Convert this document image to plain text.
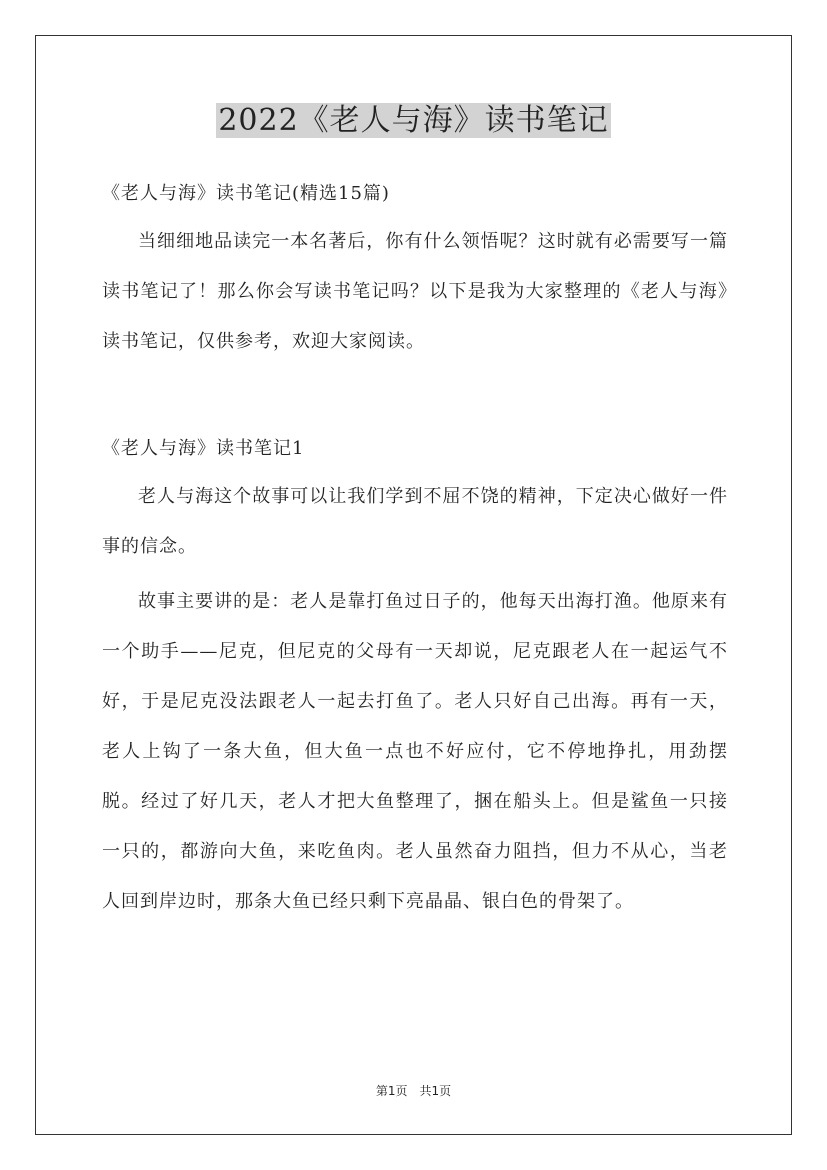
2022《老人与海》读书笔记

《老人与海》读书笔记(精选15篇)

当细细地品读完一本名著后，你有什么领悟呢？这时就有必需要写一篇读书笔记了！那么你会写读书笔记吗？以下是我为大家整理的《老人与海》读书笔记，仅供参考，欢迎大家阅读。

《老人与海》读书笔记1

老人与海这个故事可以让我们学到不屈不饶的精神，下定决心做好一件事的信念。

故事主要讲的是：老人是靠打鱼过日子的，他每天出海打渔。他原来有一个助手——尼克，但尼克的父母有一天却说，尼克跟老人在一起运气不好，于是尼克没法跟老人一起去打鱼了。老人只好自己出海。再有一天，老人上钩了一条大鱼，但大鱼一点也不好应付，它不停地挣扎，用劲摆脱。经过了好几天，老人才把大鱼整理了，捆在船头上。但是鲨鱼一只接一只的，都游向大鱼，来吃鱼肉。老人虽然奋力阻挡，但力不从心，当老人回到岸边时，那条大鱼已经只剩下亮晶晶、银白色的骨架了。

第1页　共1页
